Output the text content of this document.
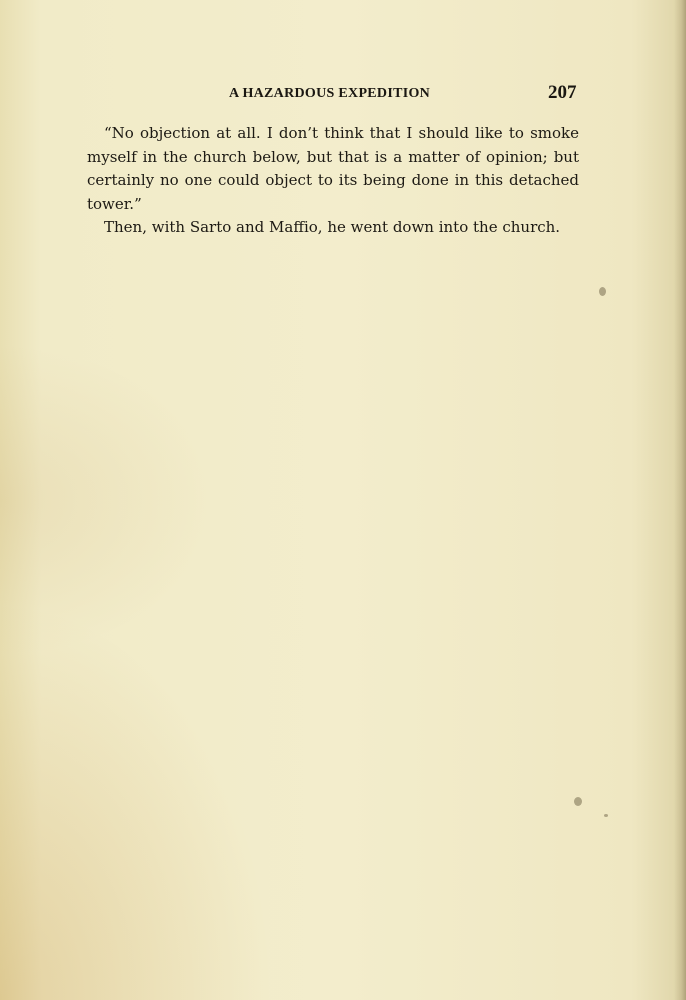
A HAZARDOUS EXPEDITION	207

“No objection at all. I don’t think that I should like to smoke myself in the church below, but that is a matter of opinion; but certainly no one could object to its being done in this detached tower.”

Then, with Sarto and Maffio, he went down into the church.
